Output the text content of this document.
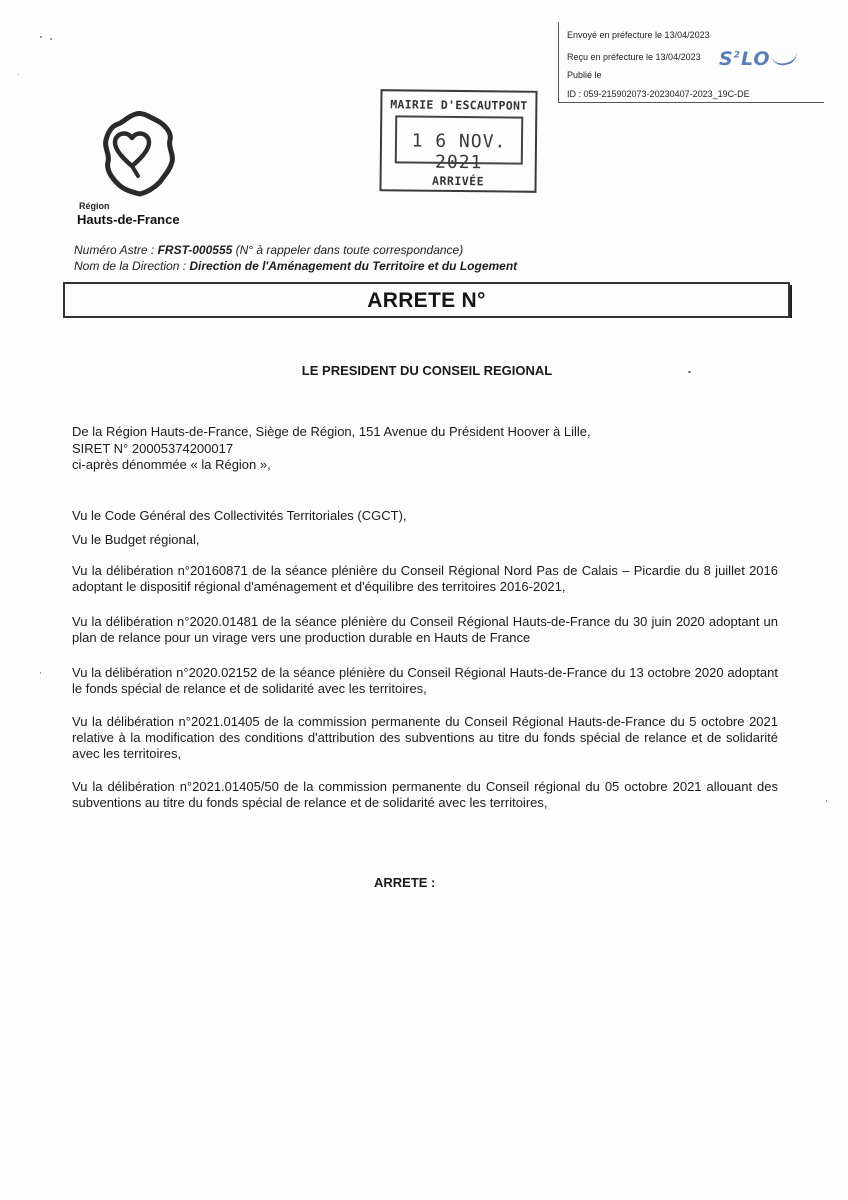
Envoyé en préfecture le 13/04/2023
Reçu en préfecture le 13/04/2023
Publié le
ID : 059-215902073-20230407-2023_19C-DE
$S^2LO$
MAIRIE D'ESCAUTPONT
1 6 NOV. 2021
ARRIVÉE
Région
Hauts-de-France
Numéro Astre : FRST-000555 (N° à rappeler dans toute correspondance)
Nom de la Direction : Direction de l'Aménagement du Territoire et du Logement
ARRETE N°
LE PRESIDENT DU CONSEIL REGIONAL
De la Région Hauts-de-France, Siège de Région, 151 Avenue du Président Hoover à Lille,
SIRET N° 20005374200017
ci-après dénommée « la Région »,
Vu le Code Général des Collectivités Territoriales (CGCT),
Vu le Budget régional,
Vu la délibération n°20160871 de la séance plénière du Conseil Régional Nord Pas de Calais – Picardie du 8 juillet 2016 adoptant le dispositif régional d'aménagement et d'équilibre des territoires 2016-2021,
Vu la délibération n°2020.01481 de la séance plénière du Conseil Régional Hauts-de-France du 30 juin 2020 adoptant un plan de relance pour un virage vers une production durable en Hauts de France
Vu la délibération n°2020.02152 de la séance plénière du Conseil Régional Hauts-de-France du 13 octobre 2020 adoptant le fonds spécial de relance et de solidarité avec les territoires,
Vu la délibération n°2021.01405 de la commission permanente du Conseil Régional Hauts-de-France du 5 octobre 2021 relative à la modification des conditions d'attribution des subventions au titre du fonds spécial de relance et de solidarité avec les territoires,
Vu la délibération n°2021.01405/50 de la commission permanente du Conseil régional du 05 octobre 2021 allouant des subventions au titre du fonds spécial de relance et de solidarité avec les territoires,
ARRETE :
